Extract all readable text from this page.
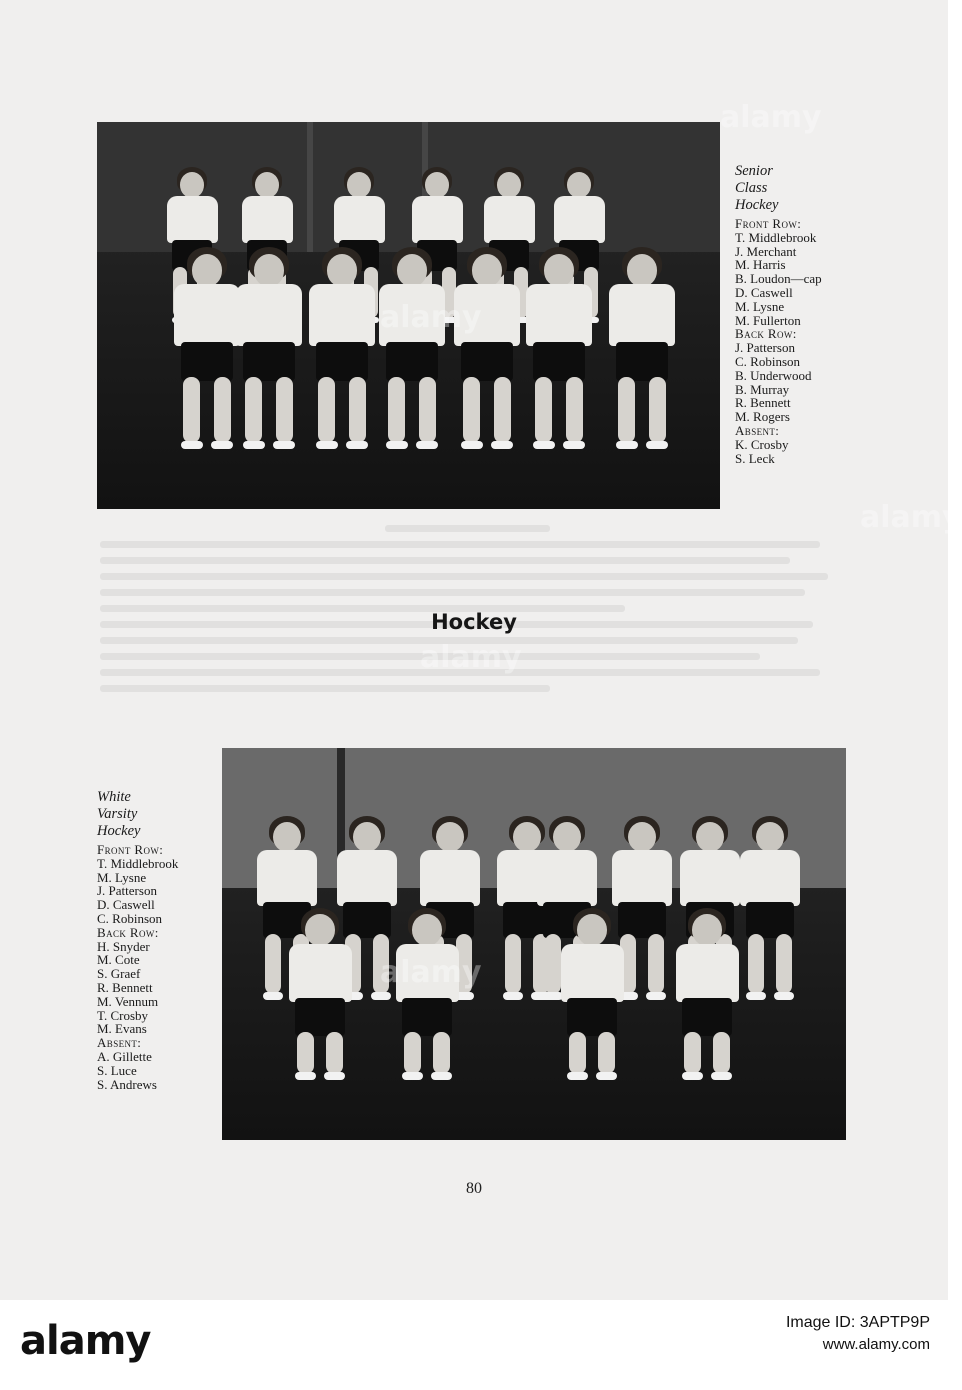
Senior
Class
Hockey
Front Row:
T. Middlebrook
J. Merchant
M. Harris
B. Loudon—cap
D. Caswell
M. Lysne
M. Fullerton
Back Row:
J. Patterson
C. Robinson
B. Underwood
B. Murray
R. Bennett
M. Rogers
Absent:
K. Crosby
S. Leck
Hockey
White
Varsity
Hockey
Front Row:
T. Middlebrook
M. Lysne
J. Patterson
D. Caswell
C. Robinson
Back Row:
H. Snyder
M. Cote
S. Graef
R. Bennett
M. Vennum
T. Crosby
M. Evans
Absent:
A. Gillette
S. Luce
S. Andrews
80
alamy
alamy
alamy
alamy
alamy
alamy	Image ID: 3APTP9P
www.alamy.com
